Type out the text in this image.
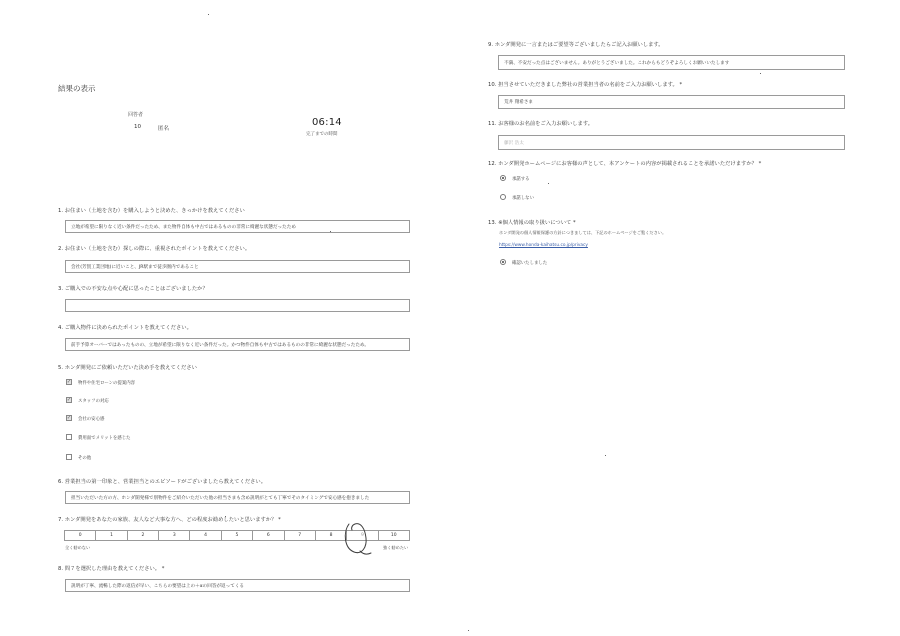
結果の表示
回答者
10	匿名
06:14
完了までの時間
1. お住まい（土地を含む）を購入しようと決めた、きっかけを教えてください
立地が希望に限りなく近い条件だったため、また物件自体も中古ではあるものの非常に綺麗な状態だったため
2. お住まい（土地を含む）探しの際に、重視されたポイントを教えてください。
会社(芳賀工業団地)に近いこと、JR駅まで徒歩圏内であること
3. ご購入での不安な点や心配に思ったことはございましたか？
4. ご購入物件に決められたポイントを教えてください。
前手予算オーバーではあったものの、立地が希望に限りなく近い条件だった。かつ物件自体も中古ではあるものの非常に綺麗な状態だったため。
5. ホンダ開発にご依頼いただいた決め手を教えてください
✓ 物件や住宅ローンの提案内容
✓ スタッフの対応
✓ 会社の安心感
費用面でメリットを感じた
その他
6. 営業担当の第一印象と、営業担当とのエピソードがございましたら教えてください。
担当いただいた方の方、ホンダ開発様で別物件をご紹介いただいた他の担当さまも含め説明がとても丁寧でそのタイミングで安心感を抱きました
7. ホンダ開発をあなたの家族、友人など大事な方へ、どの程度お勧めしたいと思いますか？ *
0	1	2	3	4	5	6	7	8	9	10
全く勧めない	強く勧めたい
8. 問７を選択した理由を教えてください。 *
説明が丁寧、流暢した際の返信が早い、こちらの要望は上の＋αの回答が返ってくる
9. ホンダ開発に一言またはご要望等ございましたらご記入お願いします。
不満、不安だった点はございません。ありがとうございました。これからもどうぞよろしくお願いいたします
10. 担当させていただきました弊社の営業担当者の名前をご入力お願いします。 *
荒井 翔希さま
11. お客様のお名前をご入力お願いします。
藤沢 浩太
12. ホンダ開発ホームページにお客様の声として、本アンケートの内容が掲載されることを承諾いただけますか？ *
承諾する
承諾しない
13. ※個人情報の取り扱いについて *
ホンダ開発の個人情報保護の方針につきましては、下記のホームページをご覧ください。
https://www.honda-kaihatsu.co.jp/privacy
確認いたしました
